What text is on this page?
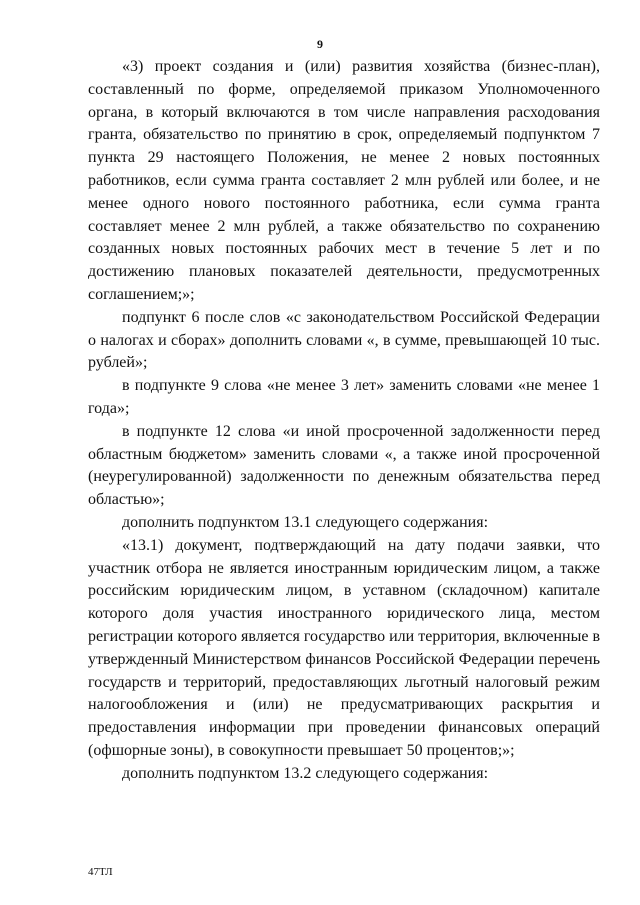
9

«3) проект создания и (или) развития хозяйства (бизнес-план), составленный по форме, определяемой приказом Уполномоченного органа, в который включаются в том числе направления расходования гранта, обязательство по принятию в срок, определяемый подпунктом 7 пункта 29 настоящего Положения, не менее 2 новых постоянных работников, если сумма гранта составляет 2 млн рублей или более, и не менее одного нового постоянного работника, если сумма гранта составляет менее 2 млн рублей, а также обязательство по сохранению созданных новых постоянных рабочих мест в течение 5 лет и по достижению плановых показателей деятельности, предусмотренных соглашением;»;

подпункт 6 после слов «с законодательством Российской Федерации о налогах и сборах» дополнить словами «, в сумме, превышающей 10 тыс. рублей»;

в подпункте 9 слова «не менее 3 лет» заменить словами «не менее 1 года»;

в подпункте 12 слова «и иной просроченной задолженности перед областным бюджетом» заменить словами «, а также иной просроченной (неурегулированной) задолженности по денежным обязательства перед областью»;

дополнить подпунктом 13.1 следующего содержания:

«13.1) документ, подтверждающий на дату подачи заявки, что участник отбора не является иностранным юридическим лицом, а также российским юридическим лицом, в уставном (складочном) капитале которого доля участия иностранного юридического лица, местом регистрации которого является государство или территория, включенные в утвержденный Министерством финансов Российской Федерации перечень государств и территорий, предоставляющих льготный налоговый режим налогообложения и (или) не предусматривающих раскрытия и предоставления информации при проведении финансовых операций (офшорные зоны), в совокупности превышает 50 процентов;»;

дополнить подпунктом 13.2 следующего содержания:

47ТЛ
